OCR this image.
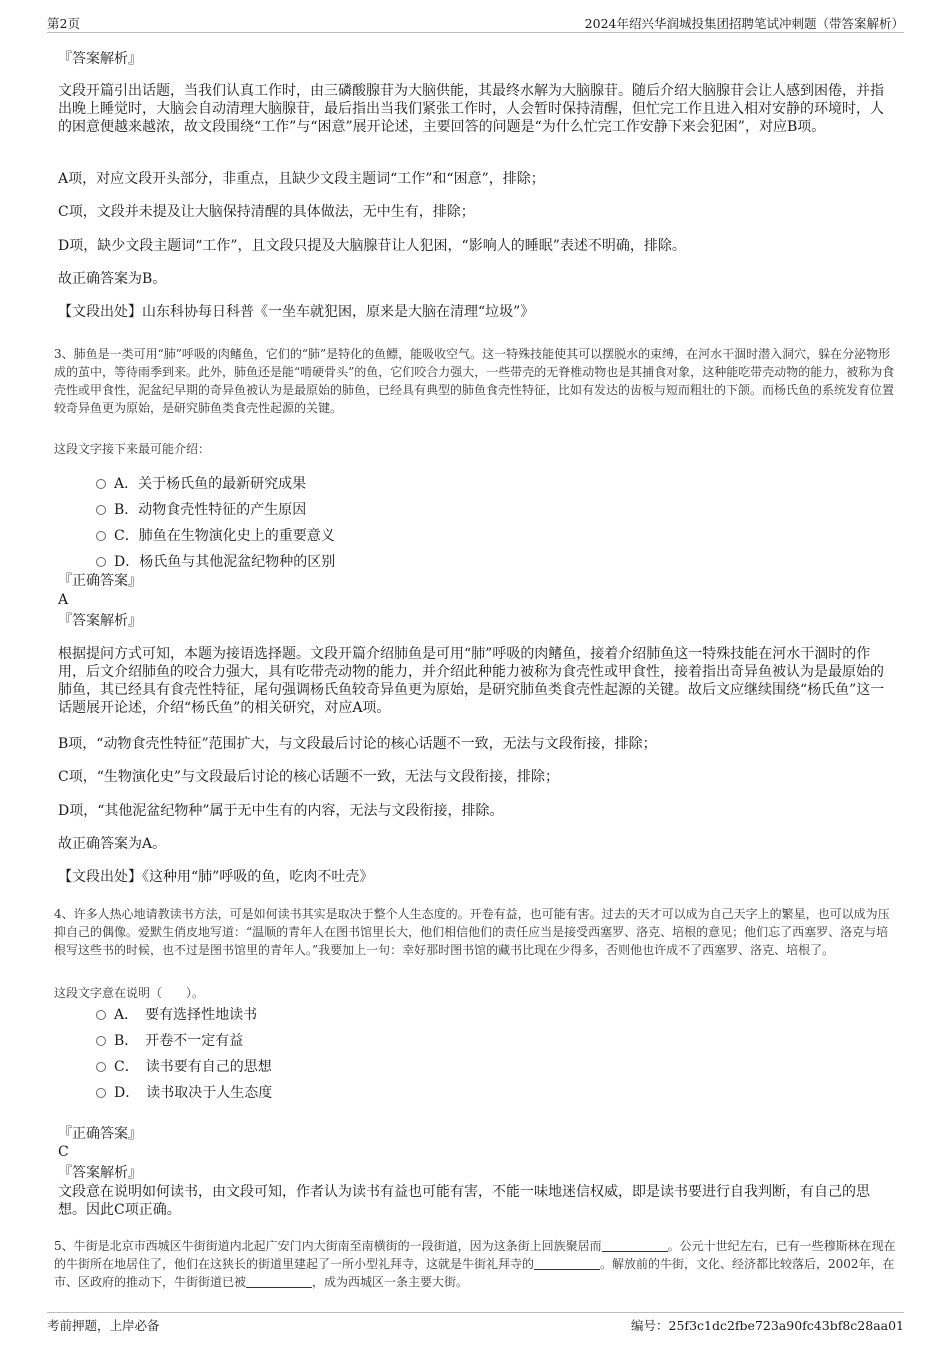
第2页	2024年绍兴华润城投集团招聘笔试冲刺题（带答案解析）

『答案解析』

文段开篇引出话题，当我们认真工作时，由三磷酸腺苷为大脑供能，其最终水解为大脑腺苷。随后介绍大脑腺苷会让人感到困倦，并指出晚上睡觉时，大脑会自动清理大脑腺苷，最后指出当我们紧张工作时，人会暂时保持清醒，但忙完工作且进入相对安静的环境时，人的困意便越来越浓，故文段围绕“工作”与“困意”展开论述，主要回答的问题是“为什么忙完工作安静下来会犯困”，对应B项。

A项，对应文段开头部分，非重点，且缺少文段主题词“工作”和“困意”，排除；

C项，文段并未提及让大脑保持清醒的具体做法，无中生有，排除；

D项，缺少文段主题词“工作”，且文段只提及大脑腺苷让人犯困，“影响人的睡眠”表述不明确，排除。

故正确答案为B。

【文段出处】山东科协每日科普《一坐车就犯困，原来是大脑在清理“垃圾”》

3、肺鱼是一类可用“肺”呼吸的肉鳍鱼，它们的“肺”是特化的鱼鳔，能吸收空气。这一特殊技能使其可以摆脱水的束缚，在河水干涸时潜入洞穴，躲在分泌物形成的茧中，等待雨季到来。此外，肺鱼还是能“啃硬骨头”的鱼，它们咬合力强大，一些带壳的无脊椎动物也是其捕食对象，这种能吃带壳动物的能力，被称为食壳性或甲食性，泥盆纪早期的奇异鱼被认为是最原始的肺鱼，已经具有典型的肺鱼食壳性特征，比如有发达的齿板与短而粗壮的下颌。而杨氏鱼的系统发育位置较奇异鱼更为原始，是研究肺鱼类食壳性起源的关键。

这段文字接下来最可能介绍：

A．关于杨氏鱼的最新研究成果
B．动物食壳性特征的产生原因
C．肺鱼在生物演化史上的重要意义
D．杨氏鱼与其他泥盆纪物种的区别

『正确答案』

A

『答案解析』

根据提问方式可知，本题为接语选择题。文段开篇介绍肺鱼是可用“肺”呼吸的肉鳍鱼，接着介绍肺鱼这一特殊技能在河水干涸时的作用，后文介绍肺鱼的咬合力强大，具有吃带壳动物的能力，并介绍此种能力被称为食壳性或甲食性，接着指出奇异鱼被认为是最原始的肺鱼，其已经具有食壳性特征，尾句强调杨氏鱼较奇异鱼更为原始，是研究肺鱼类食壳性起源的关键。故后文应继续围绕“杨氏鱼”这一话题展开论述，介绍“杨氏鱼”的相关研究，对应A项。

B项，“动物食壳性特征”范围扩大，与文段最后讨论的核心话题不一致，无法与文段衔接，排除；

C项，“生物演化史”与文段最后讨论的核心话题不一致，无法与文段衔接，排除；

D项，“其他泥盆纪物种”属于无中生有的内容，无法与文段衔接，排除。

故正确答案为A。

【文段出处】《这种用“肺”呼吸的鱼，吃肉不吐壳》

4、许多人热心地请教读书方法，可是如何读书其实是取决于整个人生态度的。开卷有益，也可能有害。过去的天才可以成为自己天字上的繁星，也可以成为压抑自己的偶像。爱默生俏皮地写道：“温顺的青年人在图书馆里长大，他们相信他们的责任应当是接受西塞罗、洛克、培根的意见；他们忘了西塞罗、洛克与培根写这些书的时候，也不过是图书馆里的青年人。”我要加上一句：幸好那时图书馆的藏书比现在少得多，否则他也许成不了西塞罗、洛克、培根了。

这段文字意在说明（　　）。

A．　要有选择性地读书
B．　开卷不一定有益
C．　读书要有自己的思想
D．　读书取决于人生态度

『正确答案』

C

『答案解析』

文段意在说明如何读书，由文段可知，作者认为读书有益也可能有害，不能一味地迷信权威，即是读书要进行自我判断，有自己的思想。因此C项正确。

5、牛街是北京市西城区牛街街道内北起广安门内大街南至南横街的一段街道，因为这条街上回族聚居而	。公元十世纪左右，已有一些穆斯林在现在的牛街所在地居住了，他们在这狭长的街道里建起了一所小型礼拜寺，这就是牛街礼拜寺的	。解放前的牛街，文化、经济都比较落后，2002年，在市、区政府的推动下，牛街街道已被	，成为西城区一条主要大街。

考前押题，上岸必备	编号：25f3c1dc2fbe723a90fc43bf8c28aa01
